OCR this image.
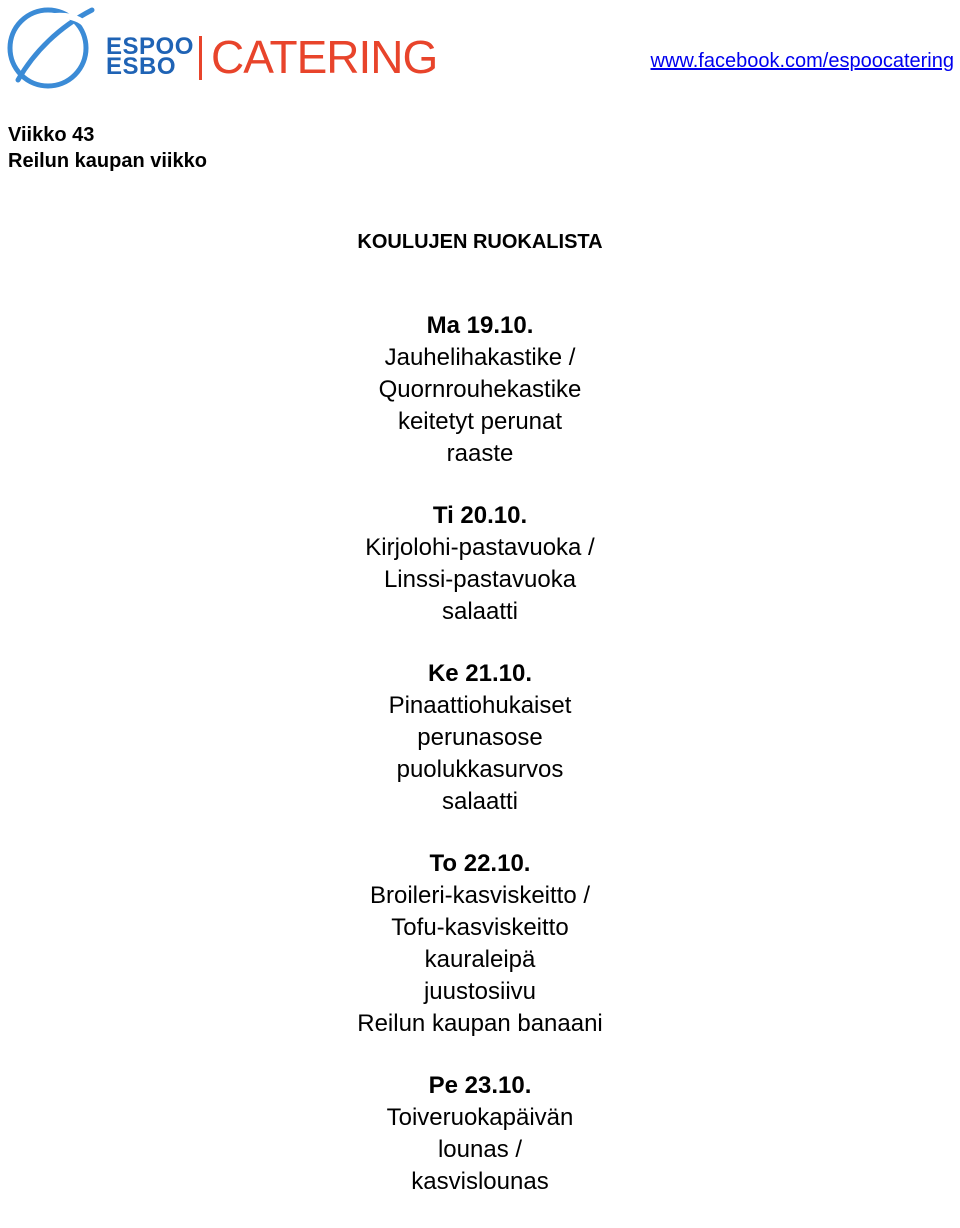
ESPOO
ESBO CATERING	www.facebook.com/espoocatering
Viikko 43
Reilun kaupan viikko
KOULUJEN RUOKALISTA
Ma 19.10.
Jauhelihakastike /
Quornrouhekastike
keitetyt perunat
raaste
Ti 20.10.
Kirjolohi-pastavuoka /
Linssi-pastavuoka
salaatti
Ke 21.10.
Pinaattiohukaiset
perunasose
puolukkasurvos
salaatti
To 22.10.
Broileri-kasviskeitto /
Tofu-kasviskeitto
kauraleipä
juustosiivu
Reilun kaupan banaani
Pe 23.10.
Toiveruokapäivän
lounas /
kasvislounas
